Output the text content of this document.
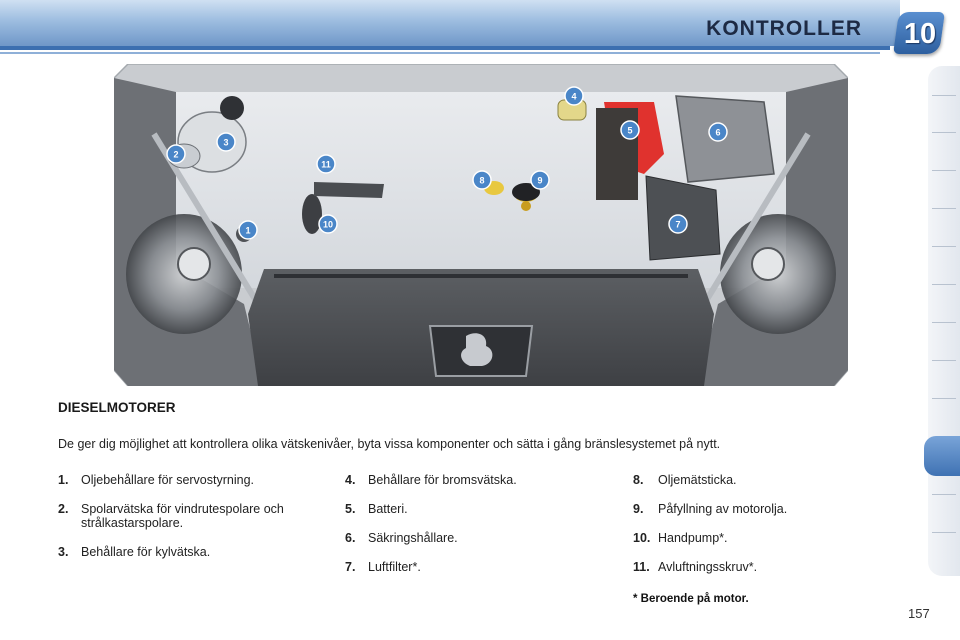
KONTROLLER 10
1
2
3
4
5	6
7
8	9
10
11
DIESELMOTORER
De ger dig möjlighet att kontrollera olika vätskenivåer, byta vissa komponenter och sätta i gång bränslesystemet på nytt.
1. Oljebehållare för servostyrning.
2. Spolarvätska för vindrutespolare och strålkastarspolare.
3. Behållare för kylvätska.
4. Behållare för bromsvätska.
5. Batteri.
6. Säkringshållare.
7. Luftfilter*.
8. Oljemätsticka.
9. Påfyllning av motorolja.
10. Handpump*.
11. Avluftningsskruv*.
* Beroende på motor.
157
